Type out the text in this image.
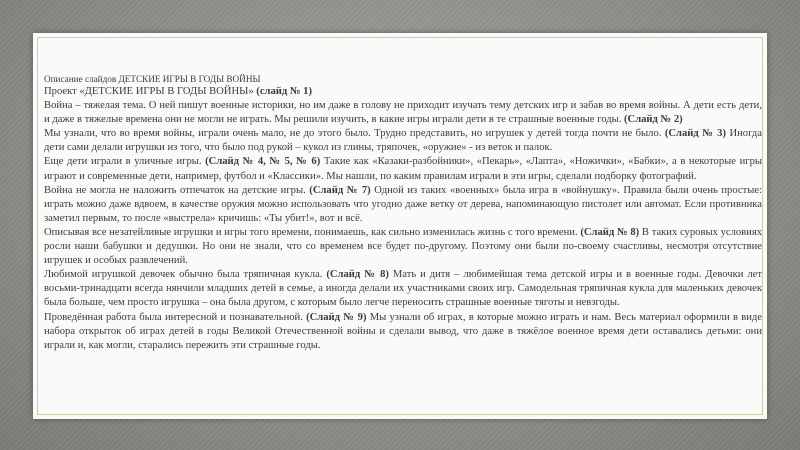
Описание слайдов ДЕТСКИЕ ИГРЫ В ГОДЫ ВОЙНЫ

Проект «ДЕТСКИЕ ИГРЫ В ГОДЫ ВОЙНЫ» (слайд № 1)

Война – тяжелая тема. О ней пишут военные историки, но им даже в голову не приходит изучать тему детских игр и забав во время войны. А дети есть дети, и даже в тяжелые времена они не могли не играть. Мы решили изучить, в какие игры играли дети в те страшные военные годы. (Слайд № 2)

Мы узнали, что во время войны, играли очень мало, не до этого было. Трудно представить, но игрушек у детей тогда почти не было. (Слайд № 3) Иногда дети сами делали игрушки из того, что было под рукой – кукол из глины, тряпочек, «оружие» - из веток и палок.

Еще дети играли в уличные игры. (Слайд № 4, № 5, № 6) Такие как «Казаки-разбойники», «Пекарь», «Лапта», «Ножички», «Бабки», а в некоторые игры играют и современные дети, например, футбол и «Классики». Мы нашли, по каким правилам играли в эти игры, сделали подборку фотографий.

Война не могла не наложить отпечаток на детские игры. (Слайд № 7) Одной из таких «военных» была игра в «войнушку». Правила были очень простые: играть можно даже вдвоем, в качестве оружия можно использовать что угодно даже ветку от дерева, напоминающую пистолет или автомат. Если противника заметил первым, то после «выстрела» кричишь: «Ты убит!», вот и всё.

Описывая все незатейливые игрушки и игры того времени, понимаешь, как сильно изменилась жизнь с того времени. (Слайд № 8) В таких суровых условиях росли наши бабушки и дедушки. Но они не знали, что со временем все будет по-другому. Поэтому они были по-своему счастливы, несмотря отсутствие игрушек и особых развлечений.

Любимой игрушкой девочек обычно была тряпичная кукла. (Слайд № 8) Мать и дитя – любимейшая тема детской игры и в военные годы. Девочки лет восьми-тринадцати всегда нянчили младших детей в семье, а иногда делали их участниками своих игр. Самодельная тряпичная кукла для маленьких девочек была больше, чем просто игрушка – она была другом, с которым было легче переносить страшные военные тяготы и невзгоды.

Проведённая работа была интересной и познавательной. (Слайд № 9) Мы узнали об играх, в которые можно играть и нам. Весь материал оформили в виде набора открыток об играх детей в годы Великой Отечественной войны и сделали вывод, что даже в тяжёлое военное время дети оставались детьми: они играли и, как могли, старались пережить эти страшные годы.
